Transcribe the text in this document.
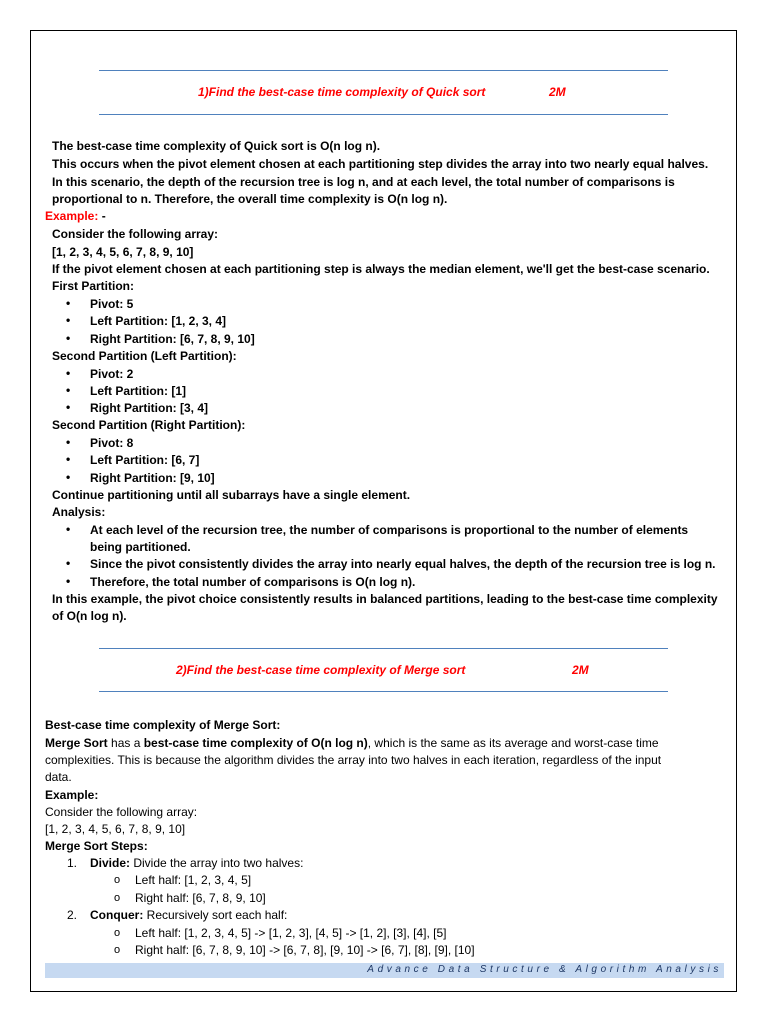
1)Find the best-case time complexity of Quick sort	2M
The best-case time complexity of Quick sort is O(n log n).
This occurs when the pivot element chosen at each partitioning step divides the array into two nearly equal halves.
In this scenario, the depth of the recursion tree is log n, and at each level, the total number of comparisons is
proportional to n. Therefore, the overall time complexity is O(n log n).
Example: -
Consider the following array:
[1, 2, 3, 4, 5, 6, 7, 8, 9, 10]
If the pivot element chosen at each partitioning step is always the median element, we'll get the best-case scenario.
First Partition:
• Pivot: 5
• Left Partition: [1, 2, 3, 4]
• Right Partition: [6, 7, 8, 9, 10]
Second Partition (Left Partition):
• Pivot: 2
• Left Partition: [1]
• Right Partition: [3, 4]
Second Partition (Right Partition):
• Pivot: 8
• Left Partition: [6, 7]
• Right Partition: [9, 10]
Continue partitioning until all subarrays have a single element.
Analysis:
• At each level of the recursion tree, the number of comparisons is proportional to the number of elements
being partitioned.
• Since the pivot consistently divides the array into nearly equal halves, the depth of the recursion tree is log n.
• Therefore, the total number of comparisons is O(n log n).
In this example, the pivot choice consistently results in balanced partitions, leading to the best-case time complexity
of O(n log n).
2)Find the best-case time complexity of Merge sort	2M
Best-case time complexity of Merge Sort:
Merge Sort has a best-case time complexity of O(n log n), which is the same as its average and worst-case time
complexities. This is because the algorithm divides the array into two halves in each iteration, regardless of the input
data.
Example:
Consider the following array:
[1, 2, 3, 4, 5, 6, 7, 8, 9, 10]
Merge Sort Steps:
1. Divide: Divide the array into two halves:
o Left half: [1, 2, 3, 4, 5]
o Right half: [6, 7, 8, 9, 10]
2. Conquer: Recursively sort each half:
o Left half: [1, 2, 3, 4, 5] -> [1, 2, 3], [4, 5] -> [1, 2], [3], [4], [5]
o Right half: [6, 7, 8, 9, 10] -> [6, 7, 8], [9, 10] -> [6, 7], [8], [9], [10]
Advance Data Structure & Algorithm Analysis
